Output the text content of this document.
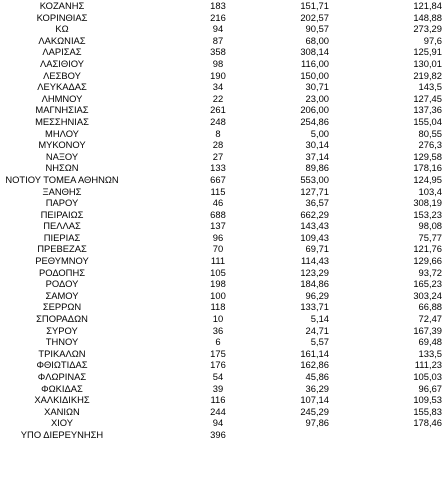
ΚΟΖΑΝΗΣ	183	151,71	121,84
ΚΟΡΙΝΘΙΑΣ	216	202,57	148,88
ΚΩ	94	90,57	273,29
ΛΑΚΩΝΙΑΣ	87	68,00	97,6
ΛΑΡΙΣΑΣ	358	308,14	125,91
ΛΑΣΙΘΙΟΥ	98	116,00	130,01
ΛΕΣΒΟΥ	190	150,00	219,82
ΛΕΥΚΑΔΑΣ	34	30,71	143,5
ΛΗΜΝΟΥ	22	23,00	127,45
ΜΑΓΝΗΣΙΑΣ	261	206,00	137,36
ΜΕΣΣΗΝΙΑΣ	248	254,86	155,04
ΜΗΛΟΥ	8	5,00	80,55
ΜΥΚΟΝΟΥ	28	30,14	276,3
ΝΑΞΟΥ	27	37,14	129,58
ΝΗΣΩΝ	133	89,86	178,16
ΝΟΤΙΟΥ ΤΟΜΕΑ ΑΘΗΝΩΝ	667	553,00	124,95
ΞΑΝΘΗΣ	115	127,71	103,4
ΠΑΡΟΥ	46	36,57	308,19
ΠΕΙΡΑΙΩΣ	688	662,29	153,23
ΠΕΛΛΑΣ	137	143,43	98,08
ΠΙΕΡΙΑΣ	96	109,43	75,77
ΠΡΕΒΕΖΑΣ	70	69,71	121,76
ΡΕΘΥΜΝΟΥ	111	114,43	129,66
ΡΟΔΟΠΗΣ	105	123,29	93,72
ΡΟΔΟΥ	198	184,86	165,23
ΣΑΜΟΥ	100	96,29	303,24
ΣΕΡΡΩΝ	118	133,71	66,88
ΣΠΟΡΑΔΩΝ	10	5,14	72,47
ΣΥΡΟΥ	36	24,71	167,39
ΤΗΝΟΥ	6	5,57	69,48
ΤΡΙΚΑΛΩΝ	175	161,14	133,5
ΦΘΙΩΤΙΔΑΣ	176	162,86	111,23
ΦΛΩΡΙΝΑΣ	54	45,86	105,03
ΦΩΚΙΔΑΣ	39	36,29	96,67
ΧΑΛΚΙΔΙΚΗΣ	116	107,14	109,53
ΧΑΝΙΩΝ	244	245,29	155,83
ΧΙΟΥ	94	97,86	178,46
ΥΠΟ ΔΙΕΡΕΥΝΗΣΗ	396		
